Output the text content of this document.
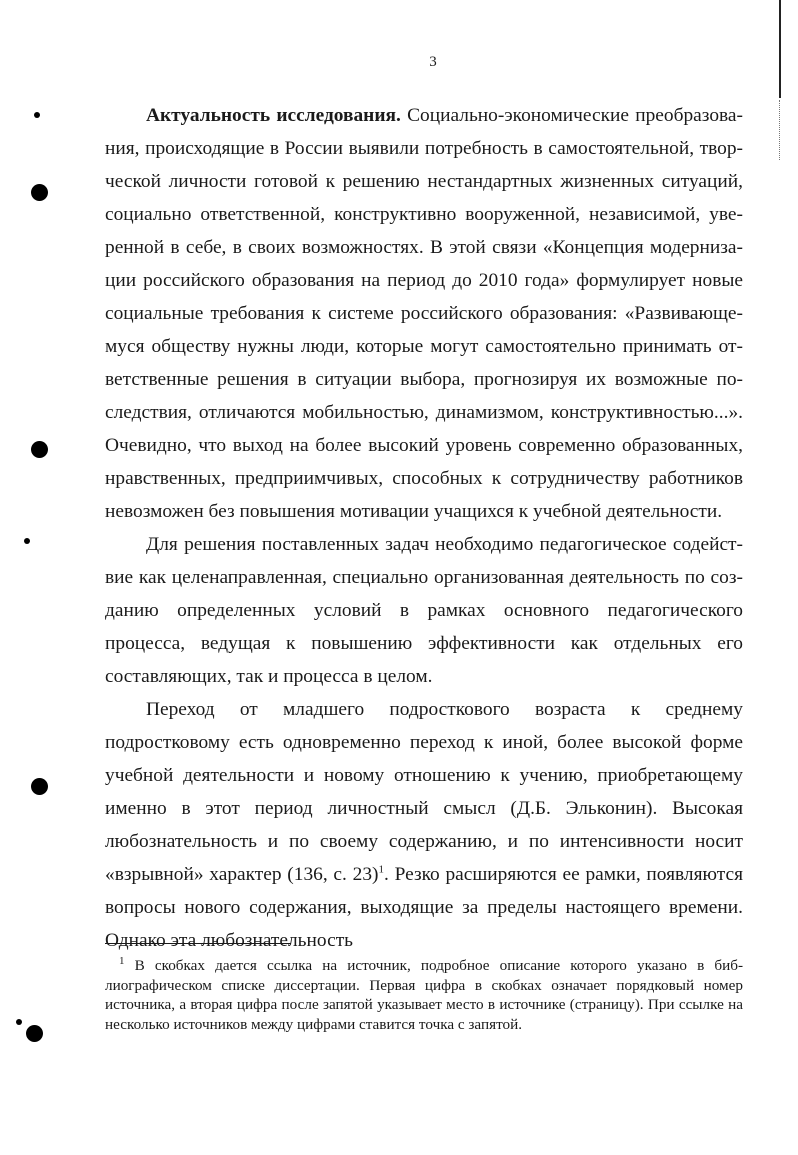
3

Актуальность исследования. Социально-экономические преобразования, происходящие в России выявили потребность в самостоятельной, творческой личности готовой к решению нестандартных жизненных ситуаций, социально ответственной, конструктивно вооруженной, независимой, уверенной в себе, в своих возможностях. В этой связи «Концепция модернизации российского образования на период до 2010 года» формулирует новые социальные требования к системе российского образования: «Развивающемуся обществу нужны люди, которые могут самостоятельно принимать ответственные решения в ситуации выбора, прогнозируя их возможные последствия, отличаются мобильностью, динамизмом, конструктивностью...». Очевидно, что выход на более высокий уровень современно образованных, нравственных, предприимчивых, способных к сотрудничеству работников невозможен без повышения мотивации учащихся к учебной деятельности.

Для решения поставленных задач необходимо педагогическое содействие как целенаправленная, специально организованная деятельность по созданию определенных условий в рамках основного педагогического процесса, ведущая к повышению эффективности как отдельных его составляющих, так и процесса в целом.

Переход от младшего подросткового возраста к среднему подростковому есть одновременно переход к иной, более высокой форме учебной деятельности и новому отношению к учению, приобретающему именно в этот период личностный смысл (Д.Б. Эльконин). Высокая любознательность и по своему содержанию, и по интенсивности носит «взрывной» характер (136, с. 23)$^1$. Резко расширяются ее рамки, появляются вопросы нового содержания, выходящие за пределы настоящего времени. Однако эта любознательность

$^1$ В скобках дается ссылка на источник, подробное описание которого указано в библиографическом списке диссертации. Первая цифра в скобках означает порядковый номер источника, а вторая цифра после запятой указывает место в источнике (страницу). При ссылке на несколько источников между цифрами ставится точка с запятой.
